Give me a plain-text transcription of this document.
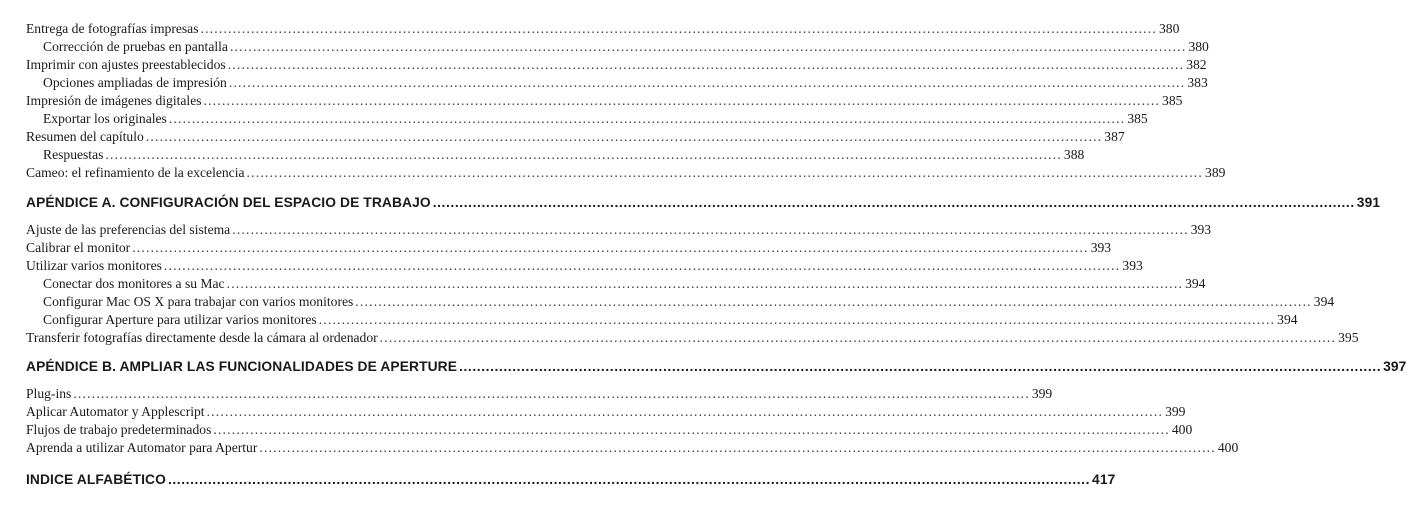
Entrega de fotografías impresas ................................................................................................................................................................................................................ 380
Corrección de pruebas en pantalla ................................................................................................................................................................................................................ 380
Imprimir con ajustes preestablecidos ................................................................................................................................................................................................................ 382
Opciones ampliadas de impresión ................................................................................................................................................................................................................ 383
Impresión de imágenes digitales ................................................................................................................................................................................................................ 385
Exportar los originales ................................................................................................................................................................................................................ 385
Resumen del capítulo ................................................................................................................................................................................................................ 387
Respuestas ................................................................................................................................................................................................................ 388
Cameo: el refinamiento de la excelencia ................................................................................................................................................................................................................ 389
APÉNDICE A. CONFIGURACIÓN DEL ESPACIO DE TRABAJO ................................................................................................................................................................................................................ 391
Ajuste de las preferencias del sistema ................................................................................................................................................................................................................ 393
Calibrar el monitor ................................................................................................................................................................................................................ 393
Utilizar varios monitores ................................................................................................................................................................................................................ 393
Conectar dos monitores a su Mac ................................................................................................................................................................................................................ 394
Configurar Mac OS X para trabajar con varios monitores ................................................................................................................................................................................................................ 394
Configurar Aperture para utilizar varios monitores ................................................................................................................................................................................................................ 394
Transferir fotografías directamente desde la cámara al ordenador ................................................................................................................................................................................................................ 395
APÉNDICE B. AMPLIAR LAS FUNCIONALIDADES DE APERTURE ................................................................................................................................................................................................................ 397
Plug-ins ................................................................................................................................................................................................................ 399
Aplicar Automator y Applescript ................................................................................................................................................................................................................ 399
Flujos de trabajo predeterminados ................................................................................................................................................................................................................ 400
Aprenda a utilizar Automator para Apertur ................................................................................................................................................................................................................ 400
INDICE ALFABÉTICO ................................................................................................................................................................................................................ 417
